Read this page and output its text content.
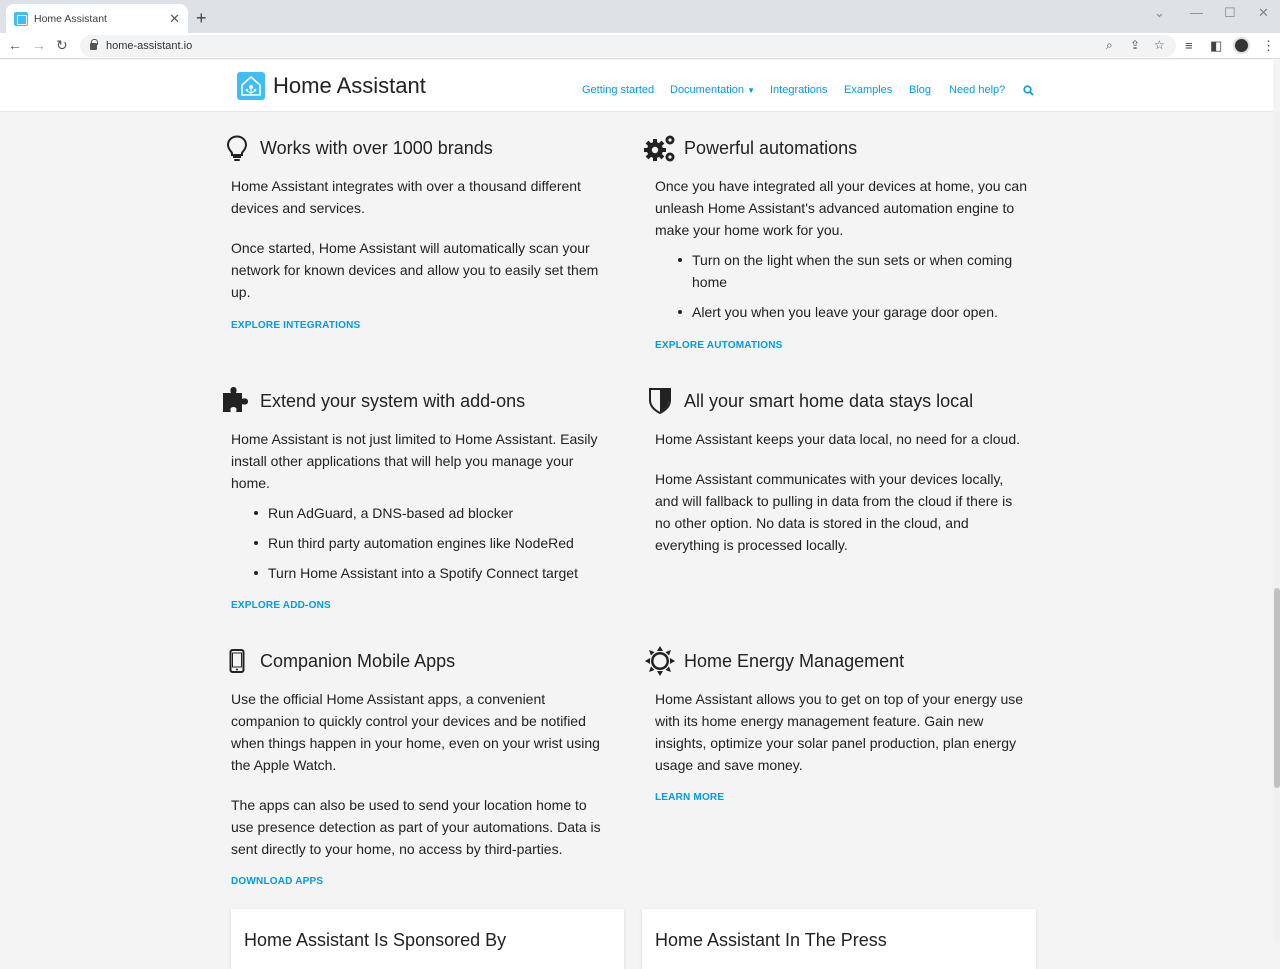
Home Assistant	✕ +	⌄ — ☐ ✕
← → ↻	home-assistant.io	⌕ ⇪ ☆ ≡ ◧	⋮
Home Assistant	Getting started Documentation ▼ Integrations Examples Blog Need help?
Works with over 1000 brands

Home Assistant integrates with over a thousand different devices and services.

Once started, Home Assistant will automatically scan your network for known devices and allow you to easily set them up.

EXPLORE INTEGRATIONS
Powerful automations

Once you have integrated all your devices at home, you can unleash Home Assistant's advanced automation engine to make your home work for you.

Turn on the light when the sun sets or when coming home
Alert you when you leave your garage door open.
EXPLORE AUTOMATIONS
Extend your system with add-ons

Home Assistant is not just limited to Home Assistant. Easily install other applications that will help you manage your home.

Run AdGuard, a DNS-based ad blocker
Run third party automation engines like NodeRed
Turn Home Assistant into a Spotify Connect target
EXPLORE ADD-ONS
All your smart home data stays local

Home Assistant keeps your data local, no need for a cloud.

Home Assistant communicates with your devices locally, and will fallback to pulling in data from the cloud if there is no other option. No data is stored in the cloud, and everything is processed locally.

Companion Mobile Apps

Use the official Home Assistant apps, a convenient companion to quickly control your devices and be notified when things happen in your home, even on your wrist using the Apple Watch.

The apps can also be used to send your location home to use presence detection as part of your automations. Data is sent directly to your home, no access by third-parties.

DOWNLOAD APPS
Home Energy Management

Home Assistant allows you to get on top of your energy use with its home energy management feature. Gain new insights, optimize your solar panel production, plan energy usage and save money.

LEARN MORE
Home Assistant Is Sponsored By	Home Assistant In The Press
